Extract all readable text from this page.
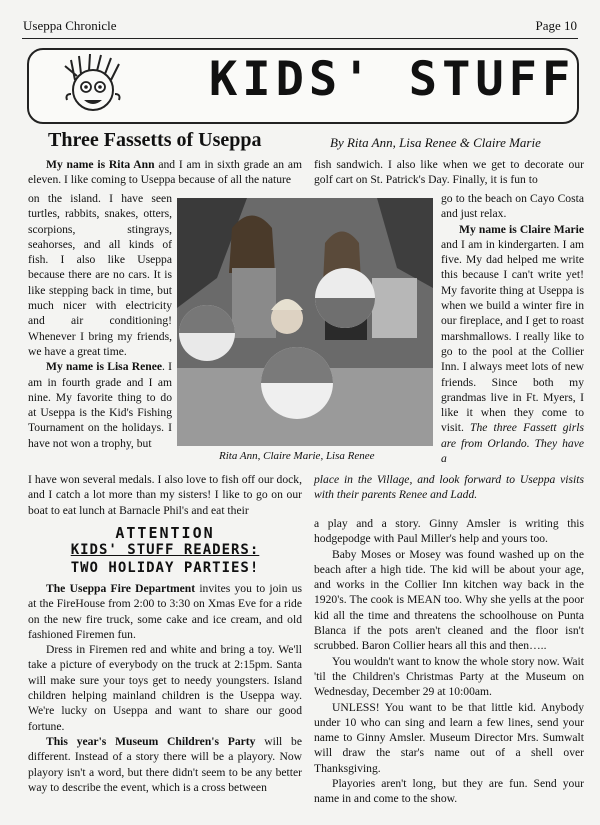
Useppa Chronicle	Page 10
KIDS' STUFF
Three Fassetts of Useppa	By Rita Ann, Lisa Renee & Claire Marie

My name is Rita Ann and I am in sixth grade an am eleven. I like coming to Useppa because of all the nature

on the island. I have seen turtles, rabbits, snakes, otters, scorpions, stingrays, seahorses, and all kinds of fish. I also like Useppa because there are no cars. It is like stepping back in time, but much nicer with electricity and air conditioning! Whenever I bring my friends, we have a great time.

My name is Lisa Renee. I am in fourth grade and I am nine. My favorite thing to do at Useppa is the Kid's Fishing Tournament on the holidays. I have not won a trophy, but

fish sandwich. I also like when we get to decorate our golf cart on St. Patrick's Day. Finally, it is fun to

go to the beach on Cayo Costa and just relax.

My name is Claire Marie and I am in kindergarten. I am five. My dad helped me write this because I can't write yet! My favorite thing at Useppa is when we build a winter fire in our fireplace, and I get to roast marshmallows. I really like to go to the pool at the Collier Inn. I always meet lots of new friends. Since both my grandmas live in Ft. Myers, I like it when they come to visit. The three Fassett girls are from Orlando. They have a

Rita Ann, Claire Marie, Lisa Renee
I have won several medals. I also love to fish off our dock, and I catch a lot more than my sisters! I like to go on our boat to eat lunch at Barnacle Phil's and eat their
place in the Village, and look forward to Useppa visits with their parents Renee and Ladd.
ATTENTION
KIDS' STUFF READERS:
TWO HOLIDAY PARTIES!

The Useppa Fire Department invites you to join us at the FireHouse from 2:00 to 3:30 on Xmas Eve for a ride on the new fire truck, some cake and ice cream, and old fashioned Firemen fun.

Dress in Firemen red and white and bring a toy. We'll take a picture of everybody on the truck at 2:15pm. Santa will make sure your toys get to needy youngsters. Island children helping mainland children is the Useppa way. We're lucky on Useppa and want to share our good fortune.

This year's Museum Children's Party will be different. Instead of a story there will be a playory. Now playory isn't a word, but there didn't seem to be any better way to describe the event, which is a cross between

a play and a story. Ginny Amsler is writing this hodgepodge with Paul Miller's help and yours too.

Baby Moses or Mosey was found washed up on the beach after a high tide. The kid will be about your age, and works in the Collier Inn kitchen way back in the 1920's. The cook is MEAN too. Why she yells at the poor kid all the time and threatens the schoolhouse on Punta Blanca if the pots aren't cleaned and the floor isn't scrubbed. Baron Collier hears all this and then…..

You wouldn't want to know the whole story now. Wait 'til the Children's Christmas Party at the Museum on Wednesday, December 29 at 10:00am.

UNLESS! You want to be that little kid. Anybody under 10 who can sing and learn a few lines, send your name to Ginny Amsler. Museum Director Mrs. Sumwalt will draw the star's name out of a shell over Thanksgiving.

Playories aren't long, but they are fun. Send your name in and come to the show.
